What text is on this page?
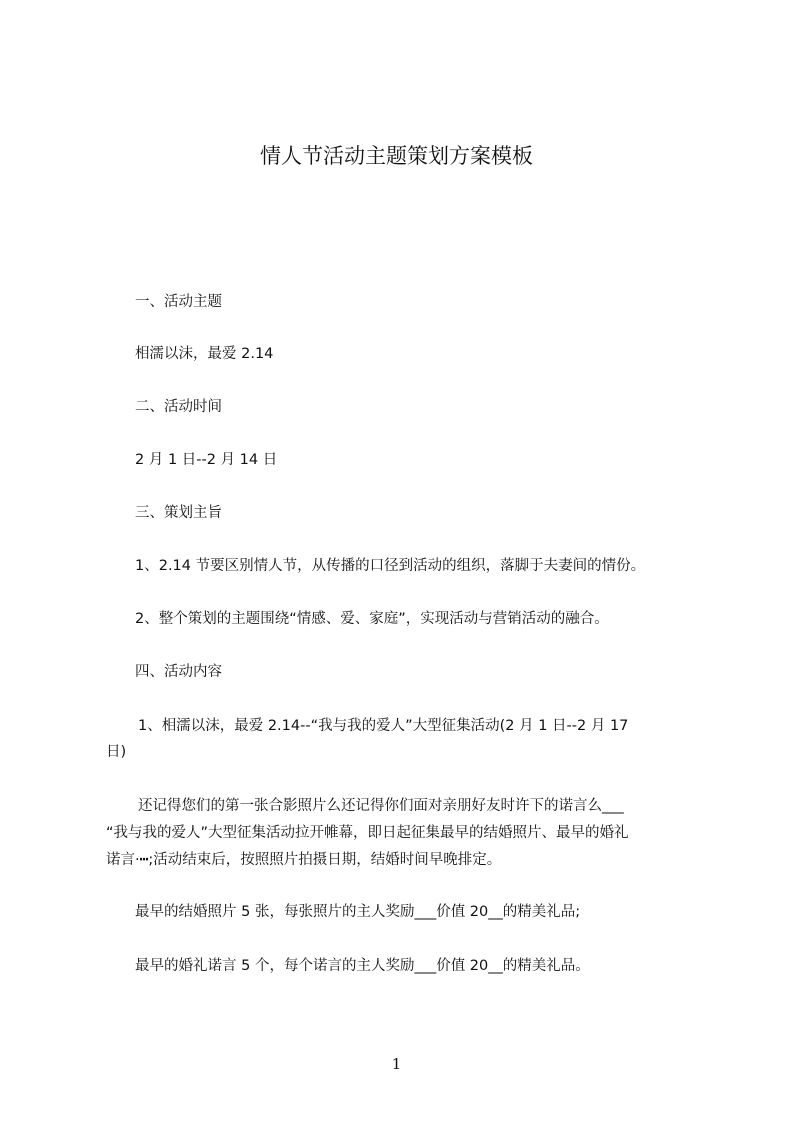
情人节活动主题策划方案模板
一、活动主题
相濡以沫，最爱 2.14
二、活动时间
2 月 1 日--2 月 14 日
三、策划主旨
1、2.14 节要区别情人节，从传播的口径到活动的组织，落脚于夫妻间的情份。
2、整个策划的主题围绕“情感、爱、家庭”，实现活动与营销活动的融合。
四、活动内容
1、相濡以沫，最爱 2.14--“我与我的爱人”大型征集活动(2 月 1 日--2 月 17
日)
还记得您们的第一张合影照片么还记得你们面对亲朋好友时许下的诺言么___
“我与我的爱人”大型征集活动拉开帷幕，即日起征集最早的结婚照片、最早的婚礼
诺言·┅;活动结束后，按照照片拍摄日期，结婚时间早晚排定。
最早的结婚照片 5 张，每张照片的主人奖励___价值 20__的精美礼品;
最早的婚礼诺言 5 个，每个诺言的主人奖励___价值 20__的精美礼品。
1
